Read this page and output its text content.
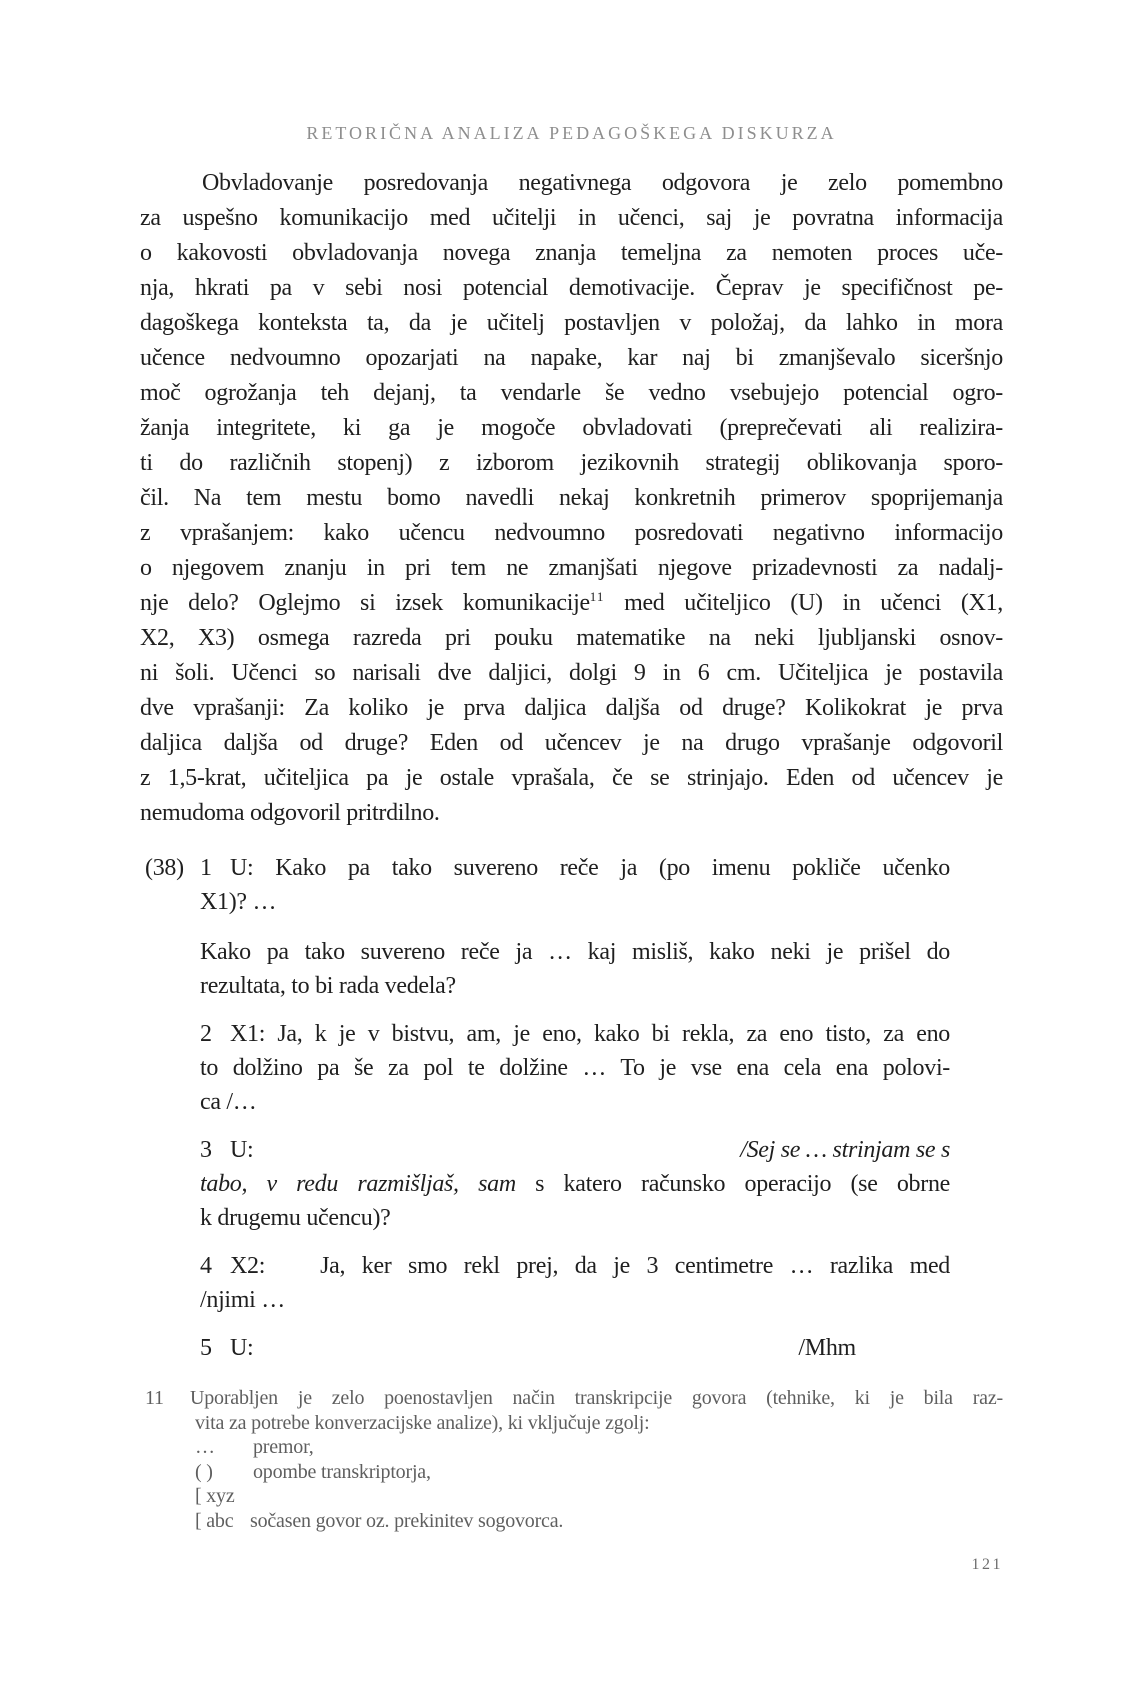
RETORIČNA ANALIZA PEDAGOŠKEGA DISKURZA
Obvladovanje posredovanja negativnega odgovora je zelo pomembno
za uspešno komunikacijo med učitelji in učenci, saj je povratna informacija
o kakovosti obvladovanja novega znanja temeljna za nemoten proces uče-
nja, hkrati pa v sebi nosi potencial demotivacije. Čeprav je specifičnost pe-
dagoškega konteksta ta, da je učitelj postavljen v položaj, da lahko in mora
učence nedvoumno opozarjati na napake, kar naj bi zmanjševalo siceršnjo
moč ogrožanja teh dejanj, ta vendarle še vedno vsebujejo potencial ogro-
žanja integritete, ki ga je mogoče obvladovati (preprečevati ali realizira-
ti do različnih stopenj) z izborom jezikovnih strategij oblikovanja sporo-
čil. Na tem mestu bomo navedli nekaj konkretnih primerov spoprijemanja
z vprašanjem: kako učencu nedvoumno posredovati negativno informacijo
o njegovem znanju in pri tem ne zmanjšati njegove prizadevnosti za nadalj-
nje delo? Oglejmo si izsek komunikacije$^{11}$ med učiteljico (U) in učenci (X1,
X2, X3) osmega razreda pri pouku matematike na neki ljubljanski osnov-
ni šoli. Učenci so narisali dve daljici, dolgi 9 in 6 cm. Učiteljica je postavila
dve vprašanji: Za koliko je prva daljica daljša od druge? Kolikokrat je prva
daljica daljša od druge? Eden od učencev je na drugo vprašanje odgovoril
z 1,5-krat, učiteljica pa je ostale vprašala, če se strinjajo. Eden od učencev je
nemudoma odgovoril pritrdilno.
(38) 1 U: Kako pa tako suvereno reče ja (po imenu pokliče učenko
X1)? …
Kako pa tako suvereno reče ja … kaj misliš, kako neki je prišel do
rezultata, to bi rada vedela?
2 X1: Ja, k je v bistvu, am, je eno, kako bi rekla, za eno tisto, za eno
to dolžino pa še za pol te dolžine … To je vse ena cela ena polovi-
ca /…
3 U:	/Sej se … strinjam se s
tabo, v redu razmišljaš, sam s katero računsko operacijo (se obrne
k drugemu učencu)?
4 X2: Ja, ker smo rekl prej, da je 3 centimetre … razlika med
/njimi …
5 U:	/Mhm
11 Uporabljen je zelo poenostavljen način transkripcije govora (tehnike, ki je bila raz-
vita za potrebe konverzacijske analize), ki vključuje zgolj:
… premor,
( ) opombe transkriptorja,
[ xyz
[ abc sočasen govor oz. prekinitev sogovorca.
121
